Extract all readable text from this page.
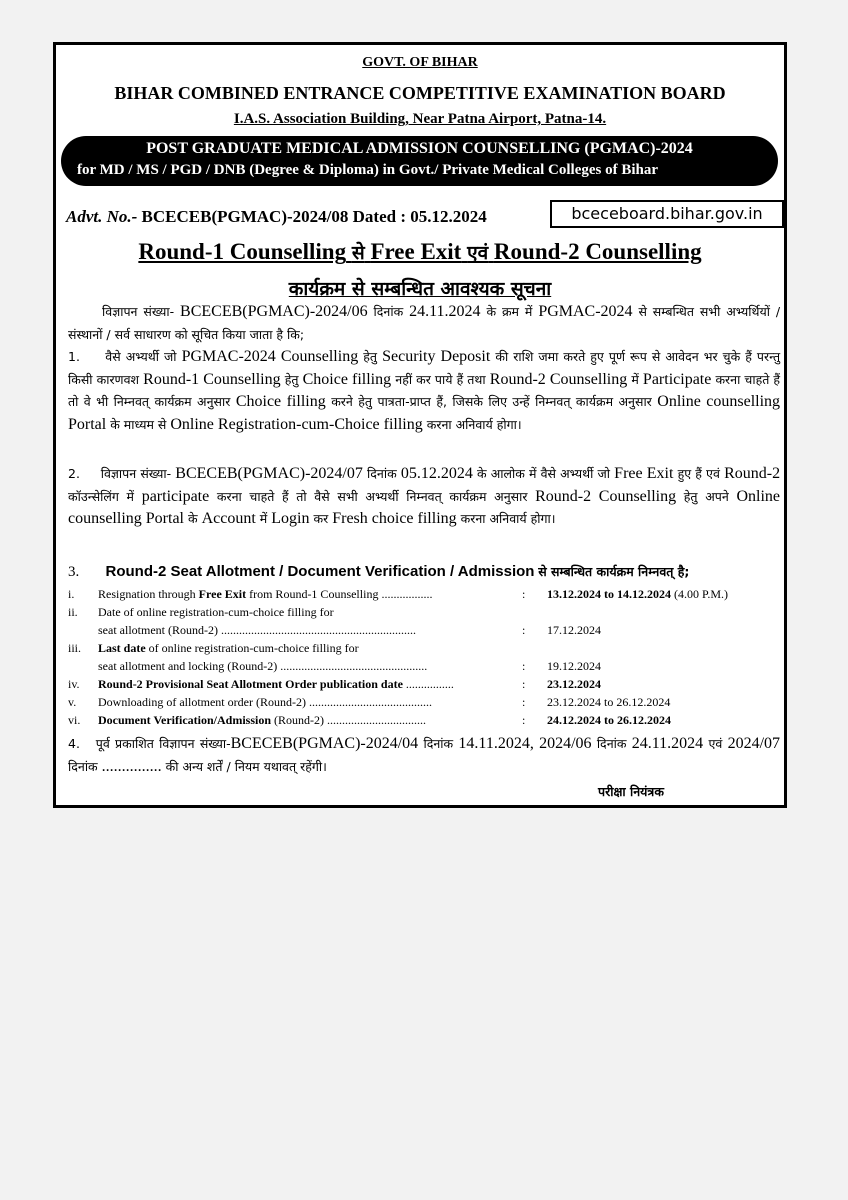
GOVT. OF BIHAR
BIHAR COMBINED ENTRANCE COMPETITIVE EXAMINATION BOARD
I.A.S. Association Building, Near Patna Airport, Patna-14.
POST GRADUATE MEDICAL ADMISSION COUNSELLING (PGMAC)-2024
for MD / MS / PGD / DNB (Degree & Diploma) in Govt./ Private Medical Colleges of Bihar
Advt. No.- BCECEB(PGMAC)-2024/08 Dated : 05.12.2024	bceceboard.bihar.gov.in
Round-1 Counselling से Free Exit एवं Round-2 Counselling
कार्यक्रम से सम्बन्धित आवश्यक सूचना
विज्ञापन संख्या- BCECEB(PGMAC)-2024/06 दिनांक 24.11.2024 के क्रम में PGMAC-2024 से सम्बन्धित सभी अभ्यर्थियों / संस्थानों / सर्व साधारण को सूचित किया जाता है कि;
1. वैसे अभ्यर्थी जो PGMAC-2024 Counselling हेतु Security Deposit की राशि जमा करते हुए पूर्ण रूप से आवेदन भर चुके हैं परन्तु किसी कारणवश Round-1 Counselling हेतु Choice filling नहीं कर पाये हैं तथा Round-2 Counselling में Participate करना चाहते हैं तो वे भी निम्नवत् कार्यक्रम अनुसार Choice filling करने हेतु पात्रता-प्राप्त हैं, जिसके लिए उन्हें निम्नवत् कार्यक्रम अनुसार Online counselling Portal के माध्यम से Online Registration-cum-Choice filling करना अनिवार्य होगा।
2. विज्ञापन संख्या- BCECEB(PGMAC)-2024/07 दिनांक 05.12.2024 के आलोक में वैसे अभ्यर्थी जो Free Exit हुए हैं एवं Round-2 कॉउन्सेलिंग में participate करना चाहते हैं तो वैसे सभी अभ्यर्थी निम्नवत् कार्यक्रम अनुसार Round-2 Counselling हेतु अपने Online counselling Portal के Account में Login कर Fresh choice filling करना अनिवार्य होगा।
3. Round-2 Seat Allotment / Document Verification / Admission से सम्बन्धित कार्यक्रम निम्नवत् है;
i. Resignation through Free Exit from Round-1 Counselling .................	: 13.12.2024 to 14.12.2024 (4.00 P.M.)
ii. Date of online registration-cum-choice filling for
seat allotment (Round-2) .................................................................	: 17.12.2024
iii. Last date of online registration-cum-choice filling for
seat allotment and locking (Round-2) .................................................	: 19.12.2024
iv. Round-2 Provisional Seat Allotment Order publication date ................	: 23.12.2024
v. Downloading of allotment order (Round-2) .........................................	: 23.12.2024 to 26.12.2024
vi. Document Verification/Admission (Round-2) .................................	: 24.12.2024 to 26.12.2024
4. पूर्व प्रकाशित विज्ञापन संख्या-BCECEB(PGMAC)-2024/04 दिनांक 14.11.2024, 2024/06 दिनांक 24.11.2024 एवं 2024/07 दिनांक ............... की अन्य शर्तें / नियम यथावत् रहेंगी।
परीक्षा नियंत्रक
